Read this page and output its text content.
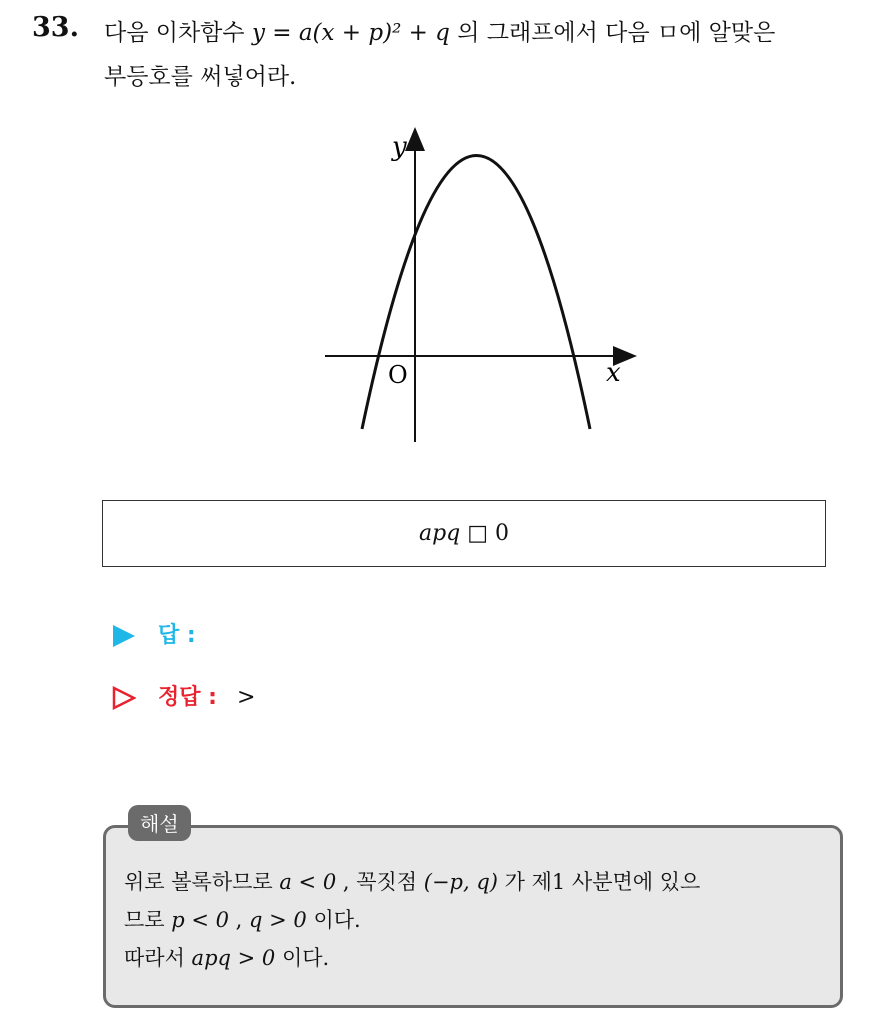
33. 다음 이차함수 y = a(x + p)² + q 의 그래프에서 다음 ㅁ에 알맞은
부등호를 써넣어라.
y
x
O
apq
□
0
답 :
정답 : >
해설
위로 볼록하므로 a < 0 , 꼭짓점 (−p, q) 가 제1 사분면에 있으
므로 p < 0 , q > 0 이다.
따라서 apq > 0 이다.
